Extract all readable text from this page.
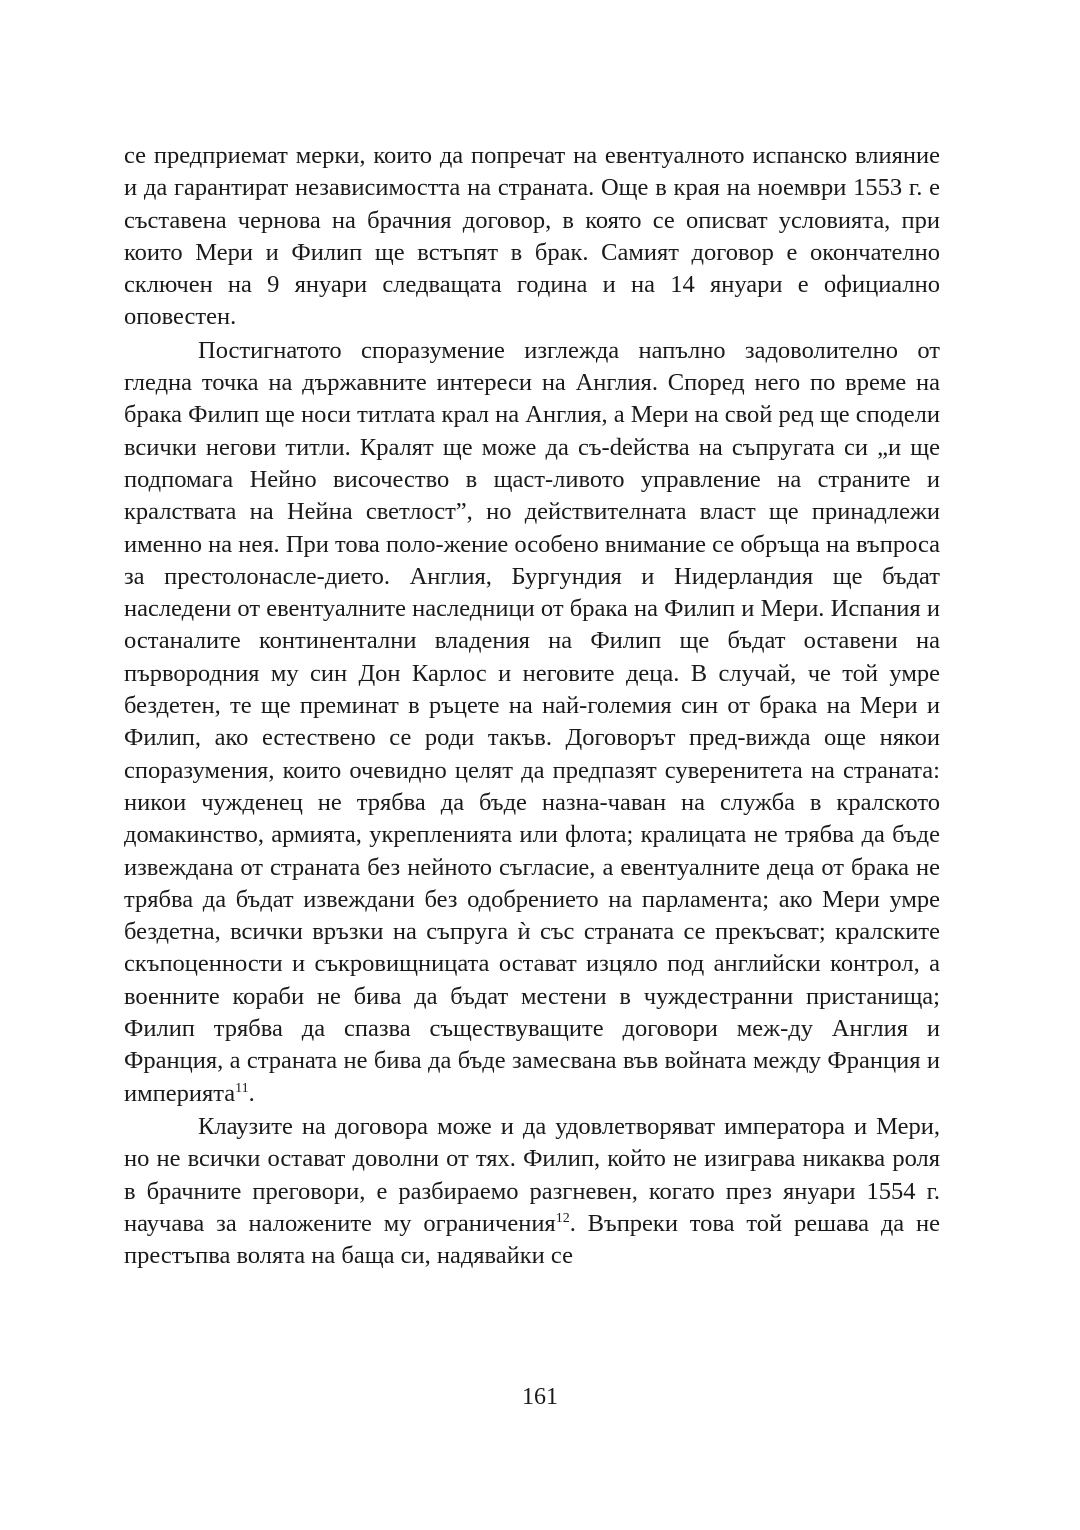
се предприемат мерки, които да попречат на евентуалното испанско влияние и да гарантират независимостта на страната. Още в края на ноември 1553 г. е съставена чернова на брачния договор, в която се описват условията, при които Мери и Филип ще встъпят в брак. Самият договор е окончателно сключен на 9 януари следващата година и на 14 януари е официално оповестен.

Постигнатото споразумение изглежда напълно задоволително от гледна точка на държавните интереси на Англия. Според него по време на брака Филип ще носи титлата крал на Англия, а Мери на свой ред ще сподели всички негови титли. Кралят ще може да съ-dейства на съпругата си „и ще подпомага Нейно височество в щаст-ливото управление на страните и кралствата на Нейна светлост”, но действителната власт ще принадлежи именно на нея. При това поло-жение особено внимание се обръща на въпроса за престолонасле-дието. Англия, Бургундия и Нидерландия ще бъдат наследени от евентуалните наследници от брака на Филип и Мери. Испания и останалите континентални владения на Филип ще бъдат оставени на първородния му син Дон Карлос и неговите деца. В случай, че той умре бездетен, те ще преминат в ръцете на най-големия син от брака на Мери и Филип, ако естествено се роди такъв. Договорът пред-вижда още някои споразумения, които очевидно целят да предпазят суверенитета на страната: никои чужденец не трябва да бъде назна-чаван на служба в кралското домакинство, армията, укрепленията или флота; кралицата не трябва да бъде извеждана от страната без нейното съгласие, а евентуалните деца от брака не трябва да бъдат извеждани без одобрението на парламента; ако Мери умре бездетна, всички връзки на съпруга ѝ със страната се прекъсват; кралските скъпоценности и съкровищницата остават изцяло под английски контрол, а военните кораби не бива да бъдат местени в чуждестранни пристанища; Филип трябва да спазва съществуващите договори меж-ду Англия и Франция, а страната не бива да бъде замесвана във войната между Франция и империята$^{11}$.

Клаузите на договора може и да удовлетворяват императора и Мери, но не всички остават доволни от тях. Филип, който не изиграва никаква роля в брачните преговори, е разбираемо разгневен, когато през януари 1554 г. научава за наложените му ограничения$^{12}$. Въпреки това той решава да не престъпва волята на баща си, надявайки се

161
